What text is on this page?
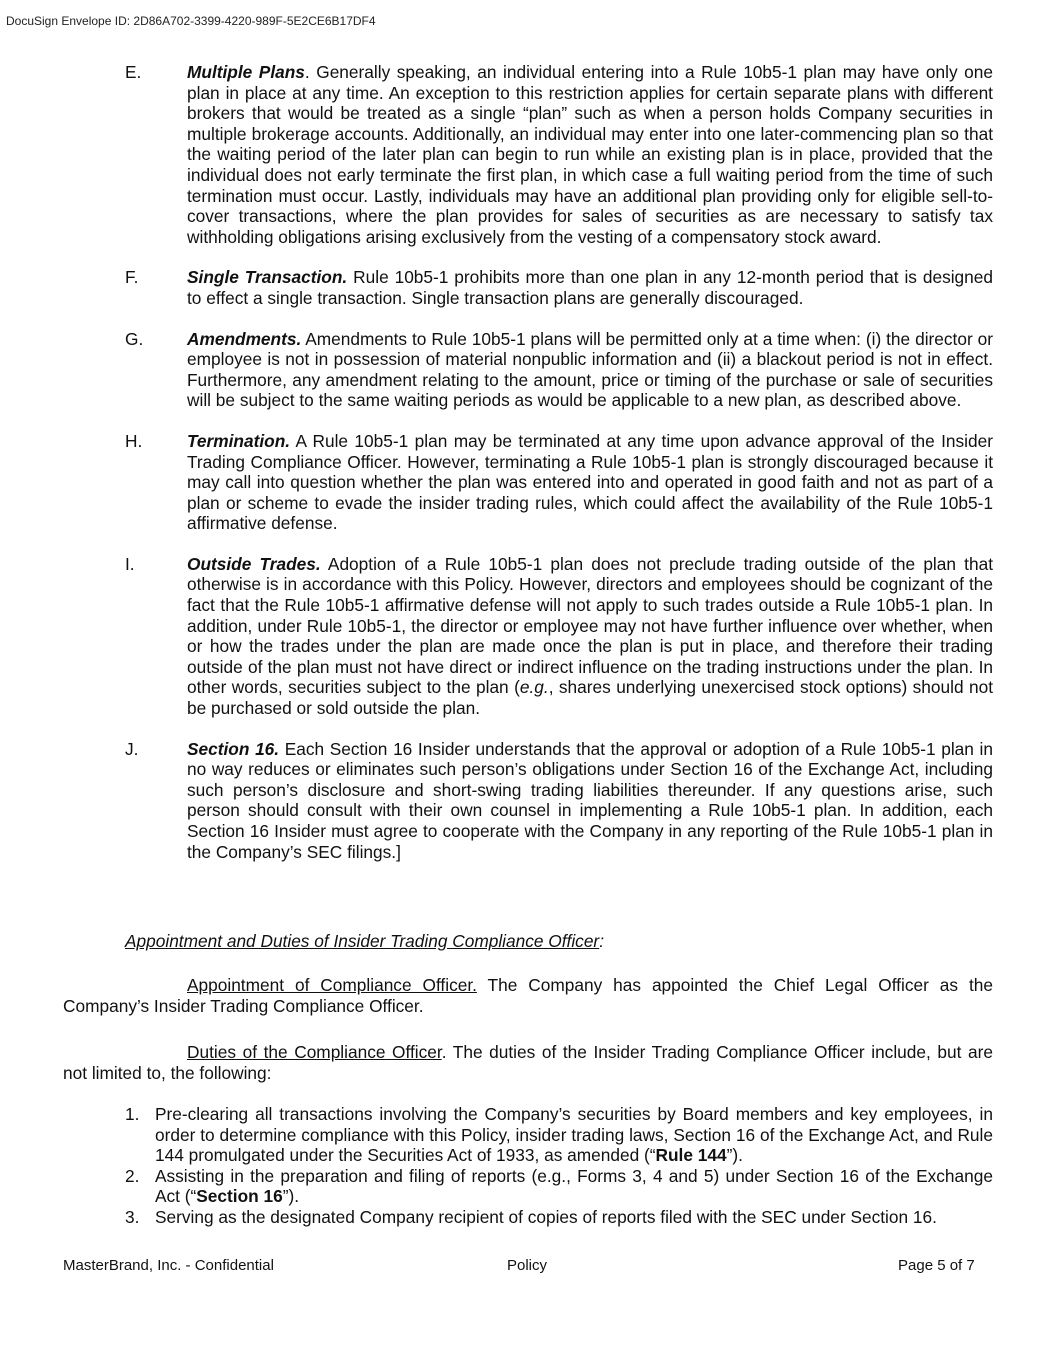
DocuSign Envelope ID: 2D86A702-3399-4220-989F-5E2CE6B17DF4
E.	Multiple Plans. Generally speaking, an individual entering into a Rule 10b5-1 plan may have only one plan in place at any time. An exception to this restriction applies for certain separate plans with different brokers that would be treated as a single “plan” such as when a person holds Company securities in multiple brokerage accounts. Additionally, an individual may enter into one later-commencing plan so that the waiting period of the later plan can begin to run while an existing plan is in place, provided that the individual does not early terminate the first plan, in which case a full waiting period from the time of such termination must occur. Lastly, individuals may have an additional plan providing only for eligible sell-to-cover transactions, where the plan provides for sales of securities as are necessary to satisfy tax withholding obligations arising exclusively from the vesting of a compensatory stock award.
F.	Single Transaction. Rule 10b5-1 prohibits more than one plan in any 12-month period that is designed to effect a single transaction. Single transaction plans are generally discouraged.
G.	Amendments. Amendments to Rule 10b5-1 plans will be permitted only at a time when: (i) the director or employee is not in possession of material nonpublic information and (ii) a blackout period is not in effect. Furthermore, any amendment relating to the amount, price or timing of the purchase or sale of securities will be subject to the same waiting periods as would be applicable to a new plan, as described above.
H.	Termination. A Rule 10b5-1 plan may be terminated at any time upon advance approval of the Insider Trading Compliance Officer. However, terminating a Rule 10b5-1 plan is strongly discouraged because it may call into question whether the plan was entered into and operated in good faith and not as part of a plan or scheme to evade the insider trading rules, which could affect the availability of the Rule 10b5-1 affirmative defense.
I.	Outside Trades. Adoption of a Rule 10b5-1 plan does not preclude trading outside of the plan that otherwise is in accordance with this Policy. However, directors and employees should be cognizant of the fact that the Rule 10b5-1 affirmative defense will not apply to such trades outside a Rule 10b5-1 plan. In addition, under Rule 10b5-1, the director or employee may not have further influence over whether, when or how the trades under the plan are made once the plan is put in place, and therefore their trading outside of the plan must not have direct or indirect influence on the trading instructions under the plan. In other words, securities subject to the plan (e.g., shares underlying unexercised stock options) should not be purchased or sold outside the plan.
J.	Section 16. Each Section 16 Insider understands that the approval or adoption of a Rule 10b5-1 plan in no way reduces or eliminates such person’s obligations under Section 16 of the Exchange Act, including such person’s disclosure and short-swing trading liabilities thereunder. If any questions arise, such person should consult with their own counsel in implementing a Rule 10b5-1 plan. In addition, each Section 16 Insider must agree to cooperate with the Company in any reporting of the Rule 10b5-1 plan in the Company’s SEC filings.]
Appointment and Duties of Insider Trading Compliance Officer:
Appointment of Compliance Officer. The Company has appointed the Chief Legal Officer as the Company’s Insider Trading Compliance Officer.
Duties of the Compliance Officer. The duties of the Insider Trading Compliance Officer include, but are not limited to, the following:
1. Pre-clearing all transactions involving the Company’s securities by Board members and key employees, in order to determine compliance with this Policy, insider trading laws, Section 16 of the Exchange Act, and Rule 144 promulgated under the Securities Act of 1933, as amended (“Rule 144”).
2. Assisting in the preparation and filing of reports (e.g., Forms 3, 4 and 5) under Section 16 of the Exchange Act (“Section 16”).
3. Serving as the designated Company recipient of copies of reports filed with the SEC under Section 16.
MasterBrand, Inc. - Confidential	Policy	Page 5 of 7
